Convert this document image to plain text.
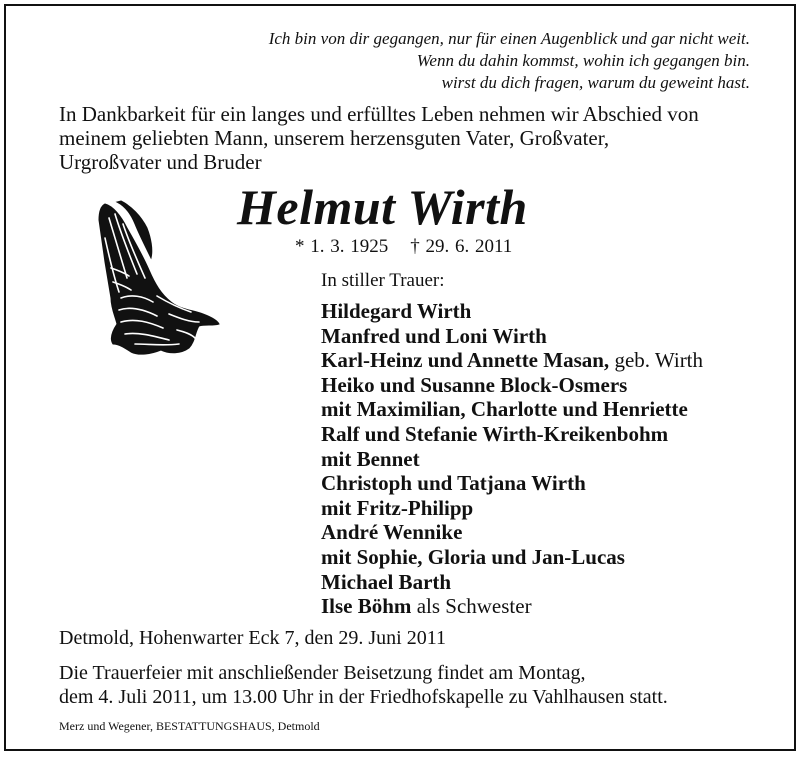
Ich bin von dir gegangen, nur für einen Augenblick und gar nicht weit.
Wenn du dahin kommst, wohin ich gegangen bin.
wirst du dich fragen, warum du geweint hast.
In Dankbarkeit für ein langes und erfülltes Leben nehmen wir Abschied von
meinem geliebten Mann, unserem herzensguten Vater, Großvater,
Urgroßvater und Bruder
Helmut Wirth
* 1. 3. 1925 † 29. 6. 2011
In stiller Trauer:
Hildegard Wirth
Manfred und Loni Wirth
Karl-Heinz und Annette Masan, geb. Wirth
Heiko und Susanne Block-Osmers
mit Maximilian, Charlotte und Henriette
Ralf und Stefanie Wirth-Kreikenbohm
mit Bennet
Christoph und Tatjana Wirth
mit Fritz-Philipp
André Wennike
mit Sophie, Gloria und Jan-Lucas
Michael Barth
Ilse Böhm als Schwester
Detmold, Hohenwarter Eck 7, den 29. Juni 2011
Die Trauerfeier mit anschließender Beisetzung findet am Montag,
dem 4. Juli 2011, um 13.00 Uhr in der Friedhofskapelle zu Vahlhausen statt.
Merz und Wegener, BESTATTUNGSHAUS, Detmold
